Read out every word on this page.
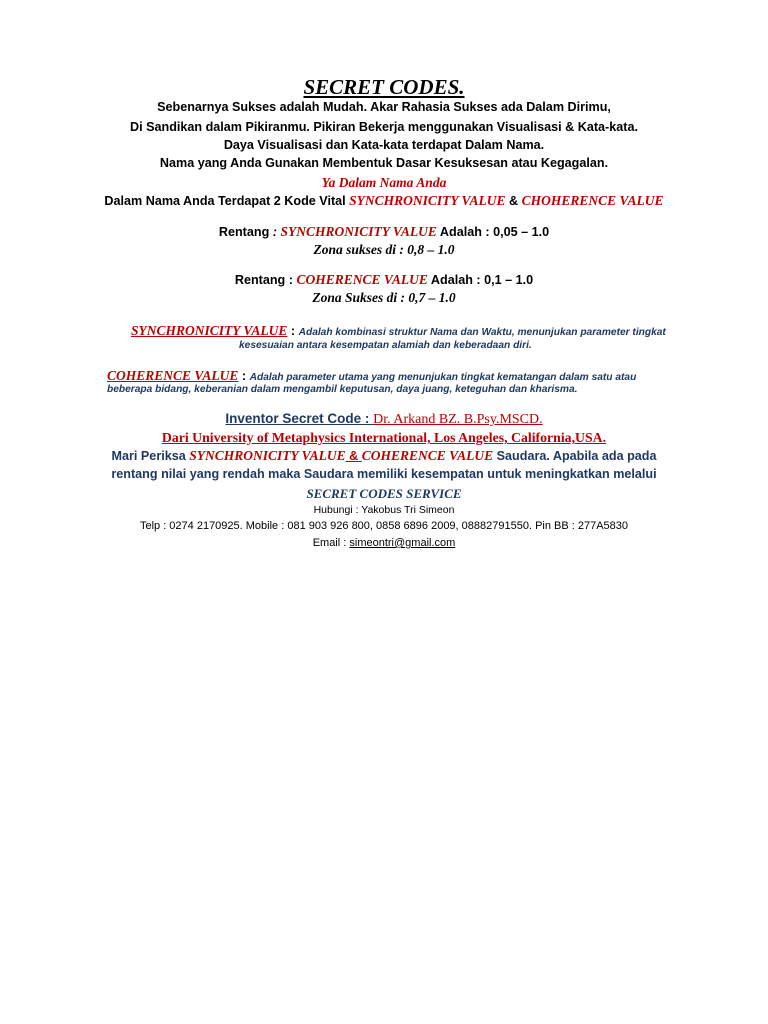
SECRET CODES.
Sebenarnya Sukses adalah Mudah. Akar Rahasia Sukses ada Dalam Dirimu,
Di Sandikan dalam Pikiranmu. Pikiran Bekerja menggunakan Visualisasi & Kata-kata.
Daya Visualisasi dan Kata-kata terdapat Dalam Nama.
Nama yang Anda Gunakan Membentuk Dasar Kesuksesan atau Kegagalan.
Ya Dalam Nama Anda
Dalam Nama Anda Terdapat 2 Kode Vital SYNCHRONICITY VALUE & CHOHERENCE VALUE
Rentang : SYNCHRONICITY VALUE Adalah : 0,05 – 1.0
Zona sukses di : 0,8 – 1.0
Rentang : COHERENCE VALUE Adalah : 0,1 – 1.0
Zona Sukses di : 0,7 – 1.0
SYNCHRONICITY VALUE : Adalah kombinasi struktur Nama dan Waktu, menunjukan parameter tingkat
kesesuaian antara kesempatan alamiah dan keberadaan diri.
COHERENCE VALUE : Adalah parameter utama yang menunjukan tingkat kematangan dalam satu atau
beberapa bidang, keberanian dalam mengambil keputusan, daya juang, keteguhan dan kharisma.
Inventor Secret Code : Dr. Arkand BZ. B.Psy.MSCD.
Dari University of Metaphysics International, Los Angeles, California,USA.
Mari Periksa SYNCHRONICITY VALUE & COHERENCE VALUE Saudara. Apabila ada pada
rentang nilai yang rendah maka Saudara memiliki kesempatan untuk meningkatkan melalui
SECRET CODES SERVICE
Hubungi : Yakobus Tri Simeon
Telp : 0274 2170925. Mobile : 081 903 926 800, 0858 6896 2009, 08882791550. Pin BB : 277A5830
Email : simeontri@gmail.com
